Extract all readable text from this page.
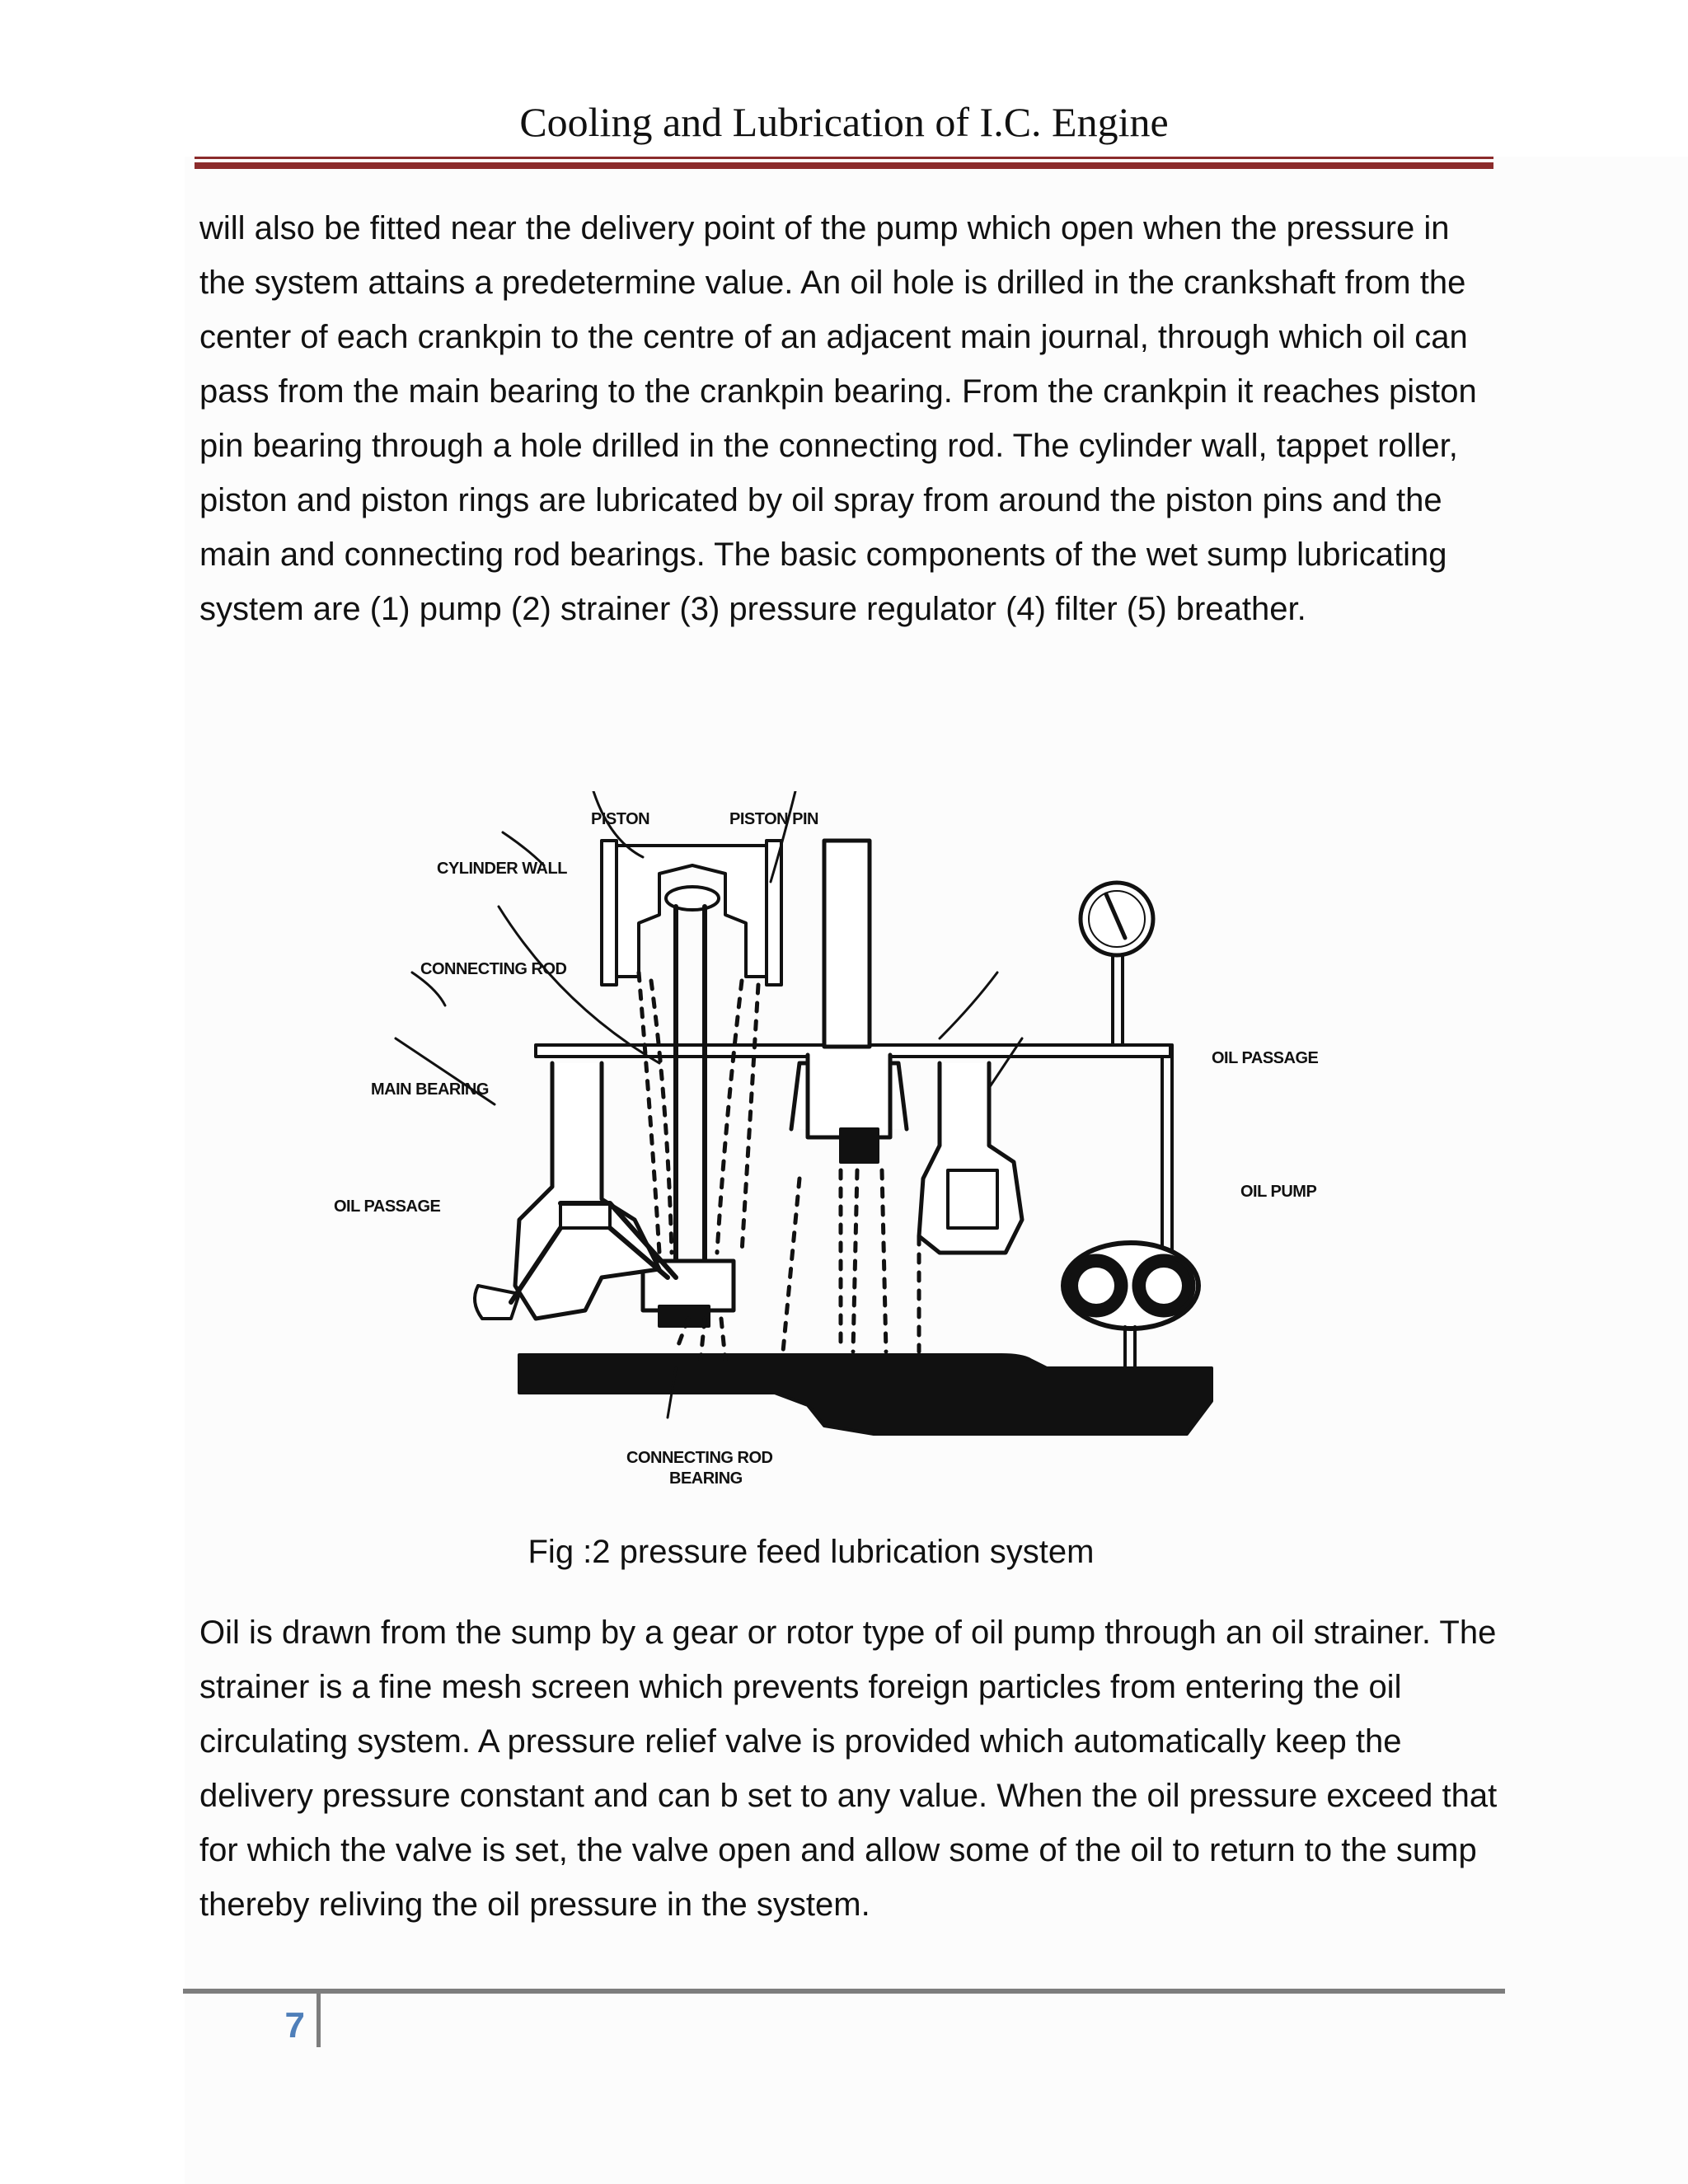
Cooling and Lubrication of I.C. Engine

will also be fitted near the delivery point of the pump which open when the pressure in the system attains a predetermine value. An oil hole is drilled in the crankshaft from the center of each crankpin to the centre of an adjacent main journal, through which oil can pass from the main bearing to the crankpin bearing. From the crankpin it reaches piston pin bearing through a hole drilled in the connecting rod. The cylinder wall, tappet roller, piston and piston rings are lubricated by oil spray from around the piston pins and the main and connecting rod bearings. The basic components of the wet sump lubricating system are (1) pump (2) strainer (3) pressure regulator (4) filter (5) breather.

PISTON	PISTON PIN
CYLINDER WALL
CONNECTING ROD
MAIN BEARING
OIL PASSAGE
OIL PASSAGE
OIL PUMP
CONNECTING ROD
BEARING

Fig :2 pressure feed lubrication system

Oil is drawn from the sump by a gear or rotor type of oil pump through an oil strainer. The strainer is a fine mesh screen which prevents foreign particles from entering the oil circulating system. A pressure relief valve is provided which automatically keep the delivery pressure constant and can b set to any value. When the oil pressure exceed that for which the valve is set, the valve open and allow some of the oil to return to the sump thereby reliving the oil pressure in the system.

7
